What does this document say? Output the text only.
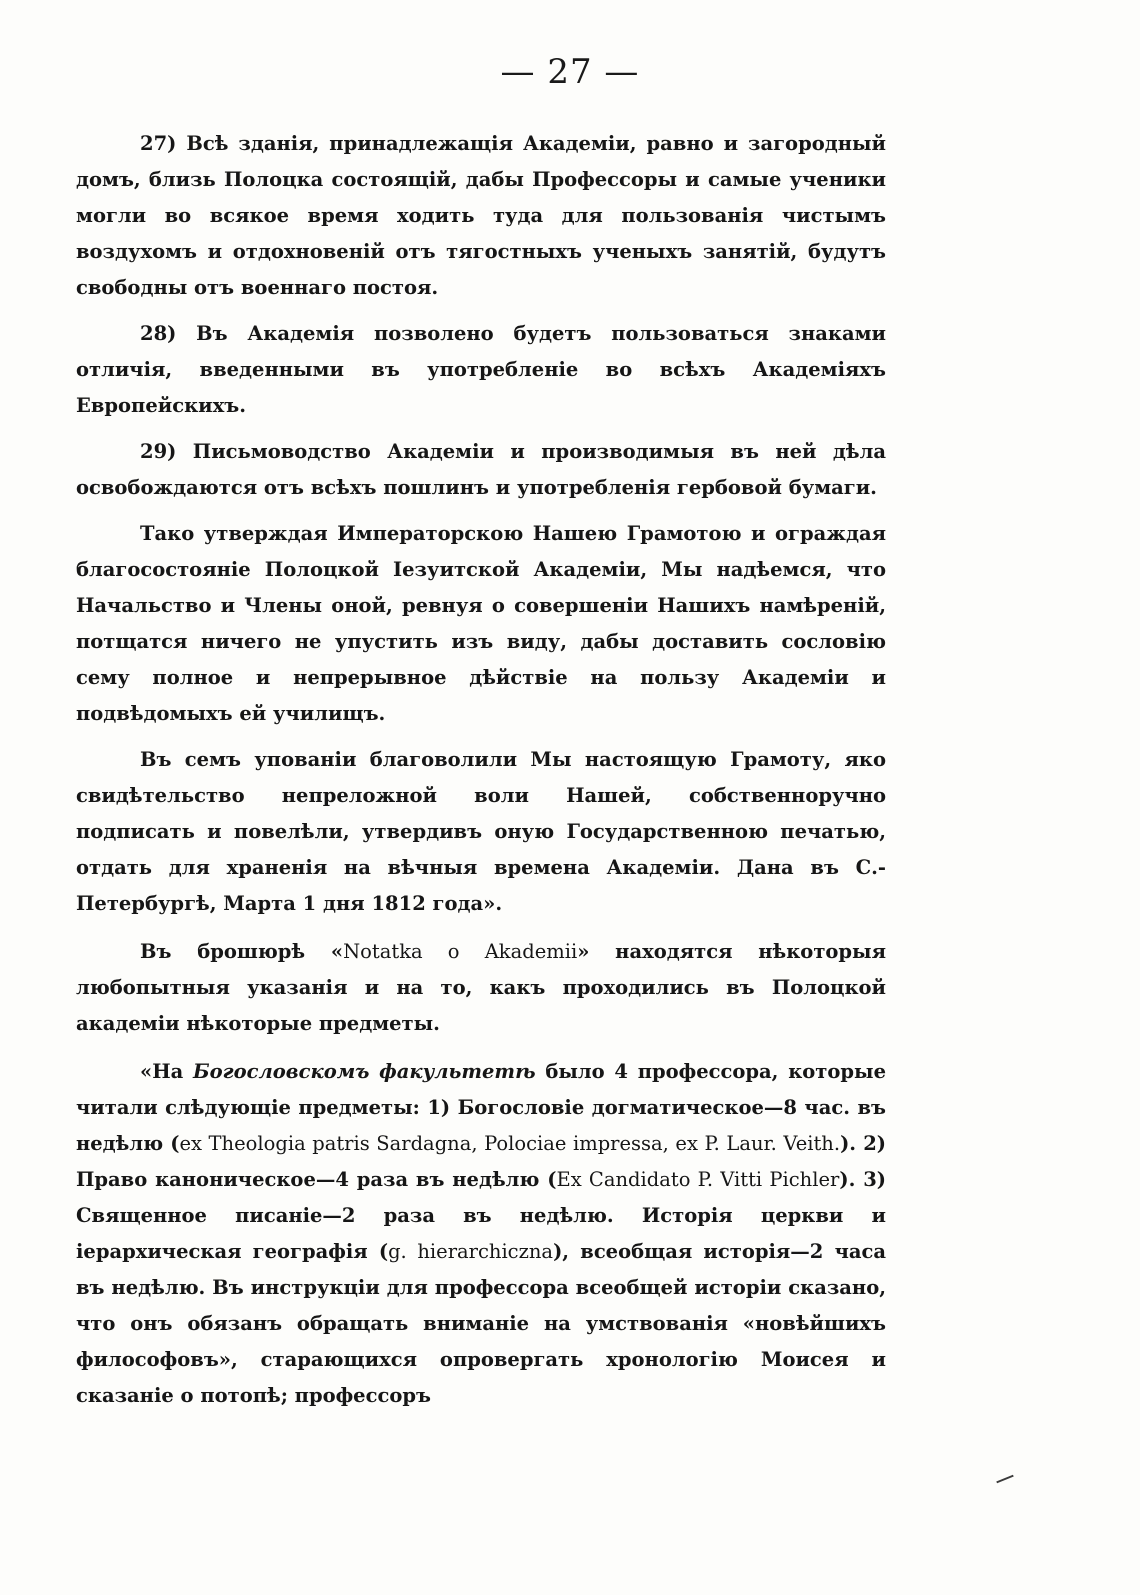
— 27 —

27) Всѣ зданія, принадлежащія Академіи, равно и загородный домъ, близь Полоцка состоящій, дабы Профессоры и самые ученики могли во всякое время ходить туда для пользованія чистымъ воздухомъ и отдохновеній отъ тягостныхъ ученыхъ занятій, будутъ свободны отъ военнаго постоя.

28) Въ Академія позволено будетъ пользоваться знаками отличія, введенными въ употребленіе во всѣхъ Академіяхъ Европейскихъ.

29) Письмоводство Академіи и производимыя въ ней дѣла освобождаются отъ всѣхъ пошлинъ и употребленія гербовой бумаги.

Тако утверждая Императорскою Нашею Грамотою и ограждая благосостояніе Полоцкой Iезуитской Академіи, Мы надѣемся, что Начальство и Члены оной, ревнуя о совершеніи Нашихъ намѣреній, потщатся ничего не упустить изъ виду, дабы доставить сословію сему полное и непрерывное дѣйствіе на пользу Академіи и подвѣдомыхъ ей училищъ.

Въ семъ упованіи благоволили Мы настоящую Грамоту, яко свидѣтельство непреложной воли Нашей, собственноручно подписать и повелѣли, утвердивъ оную Государственною печатью, отдать для храненія на вѣчныя времена Академіи. Дана въ С.-Петербургѣ, Марта 1 дня 1812 года».

Въ брошюрѣ «Notatka o Akademii» находятся нѣкоторыя любопытныя указанія и на то, какъ проходились въ Полоцкой академіи нѣкоторые предметы.

«На Богословскомъ факультетѣ было 4 профессора, которые читали слѣдующіе предметы: 1) Богословіе догматическое—8 час. въ недѣлю (ex Theologia patris Sardagna, Polociae impressa, ex P. Laur. Veith.). 2) Право каноническое—4 раза въ недѣлю (Ex Candidato P. Vitti Pichler). 3) Священное писаніе—2 раза въ недѣлю. Исторія церкви и iерархическая географія (g. hierarchiczna), всеобщая исторія—2 часа въ недѣлю. Въ инструкціи для профессора всеобщей исторіи сказано, что онъ обязанъ обращать вниманіе на умствованія «новѣйшихъ философовъ», старающихся опровергать хронологію Моисея и сказаніе о потопѣ; профессоръ
